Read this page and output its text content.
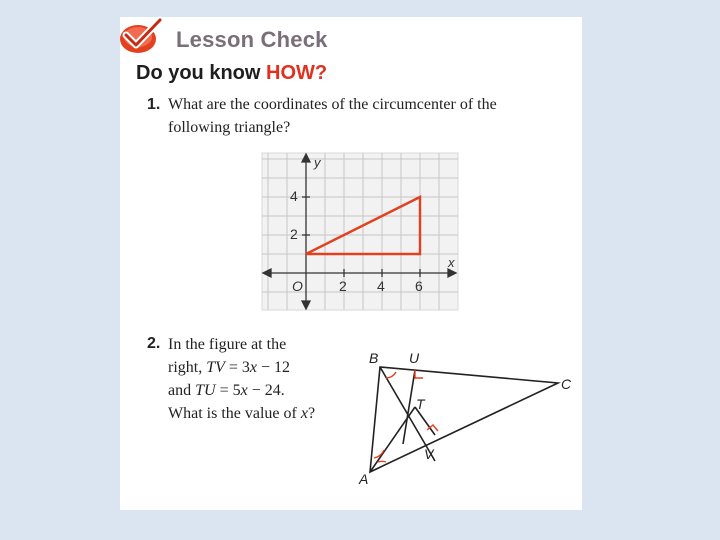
Lesson Check
Do you know HOW?
1. What are the coordinates of the circumcenter of the
following triangle?
y
x
O	2 4 6
2
4
2. In the figure at the
right, TV = 3x − 12
and TU = 5x − 24.
What is the value of x?
B U
C
T
V
A
